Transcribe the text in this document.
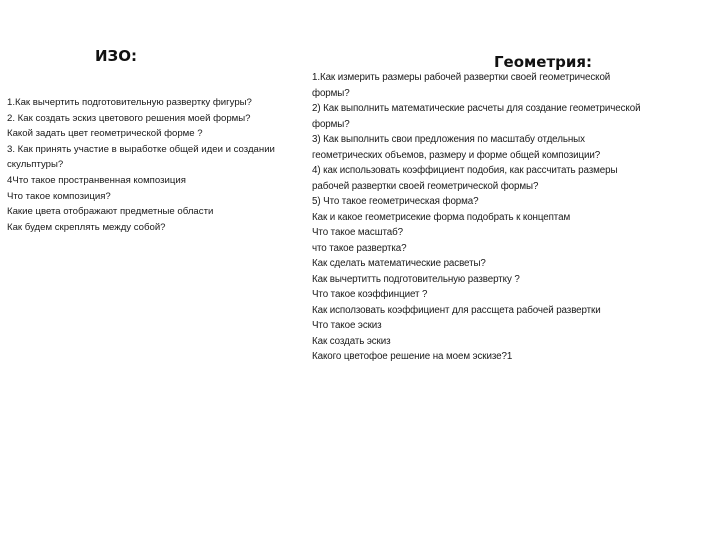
ИЗО:	Геометрия:
1.Как вычертить подготовительную развертку фигуры?
2. Как создать эскиз цветового решения моей формы?
Какой задать цвет геометрической форме ?
3. Как принять участие в выработке общей идеи и создании
скульптуры?
4Что такое пространвенная композиция
Что такое композиция?
Какие цвета отображают предметные области
Как будем скреплять между собой?
1.Как измерить размеры рабочей развертки своей геометрической
формы?
2) Как выполнить математические расчеты для создание геометрической
формы?
3) Как выполнить свои предложения по масштабу отдельных
геометрических объемов, размеру и форме общей композиции?
4) как использовать коэффициент подобия, как рассчитать размеры
рабочей развертки своей геометрической формы?
5) Что такое геометрическая форма?
Как и какое геометрисекие форма подобрать к концептам
Что такое масштаб?
что такое развертка?
Как сделать математические расветы?
Как вычертитть подготовительную развертку ?
Что такое коэффинциет ?
Как исползовать коэффициент для рассщета рабочей развертки
Что такое эскиз
Как создать эскиз
Какого цветофое решение на моем эскизе?1
